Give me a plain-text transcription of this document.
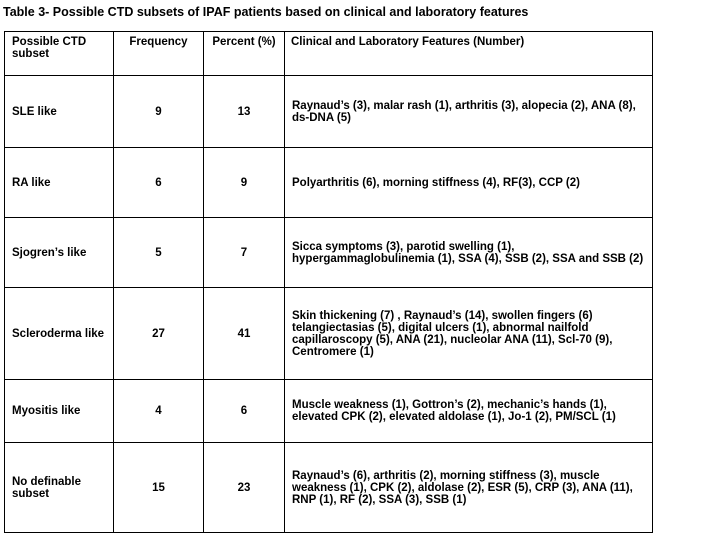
Table 3- Possible CTD subsets of IPAF patients based on clinical and laboratory features
Possible CTD subset	Frequency	Percent (%)	Clinical and Laboratory Features (Number)
SLE like	9	13	Raynaud’s (3), malar rash (1), arthritis (3), alopecia (2), ANA (8), ds-DNA (5)
RA like	6	9	Polyarthritis (6), morning stiffness (4), RF(3), CCP (2)
Sjogren’s like	5	7	Sicca symptoms (3), parotid swelling (1), hypergammaglobulinemia (1), SSA (4), SSB (2), SSA and SSB (2)
Scleroderma like	27	41	Skin thickening (7) , Raynaud’s (14), swollen fingers (6) telangiectasias (5), digital ulcers (1), abnormal nailfold capillaroscopy (5), ANA (21), nucleolar ANA (11), Scl-70 (9), Centromere (1)
Myositis like	4	6	Muscle weakness (1), Gottron’s (2), mechanic’s hands (1), elevated CPK (2), elevated aldolase (1), Jo-1 (2), PM/SCL (1)
No definable subset	15	23	Raynaud’s (6), arthritis (2), morning stiffness (3), muscle weakness (1), CPK (2), aldolase (2), ESR (5), CRP (3), ANA (11), RNP (1), RF (2), SSA (3), SSB (1)
